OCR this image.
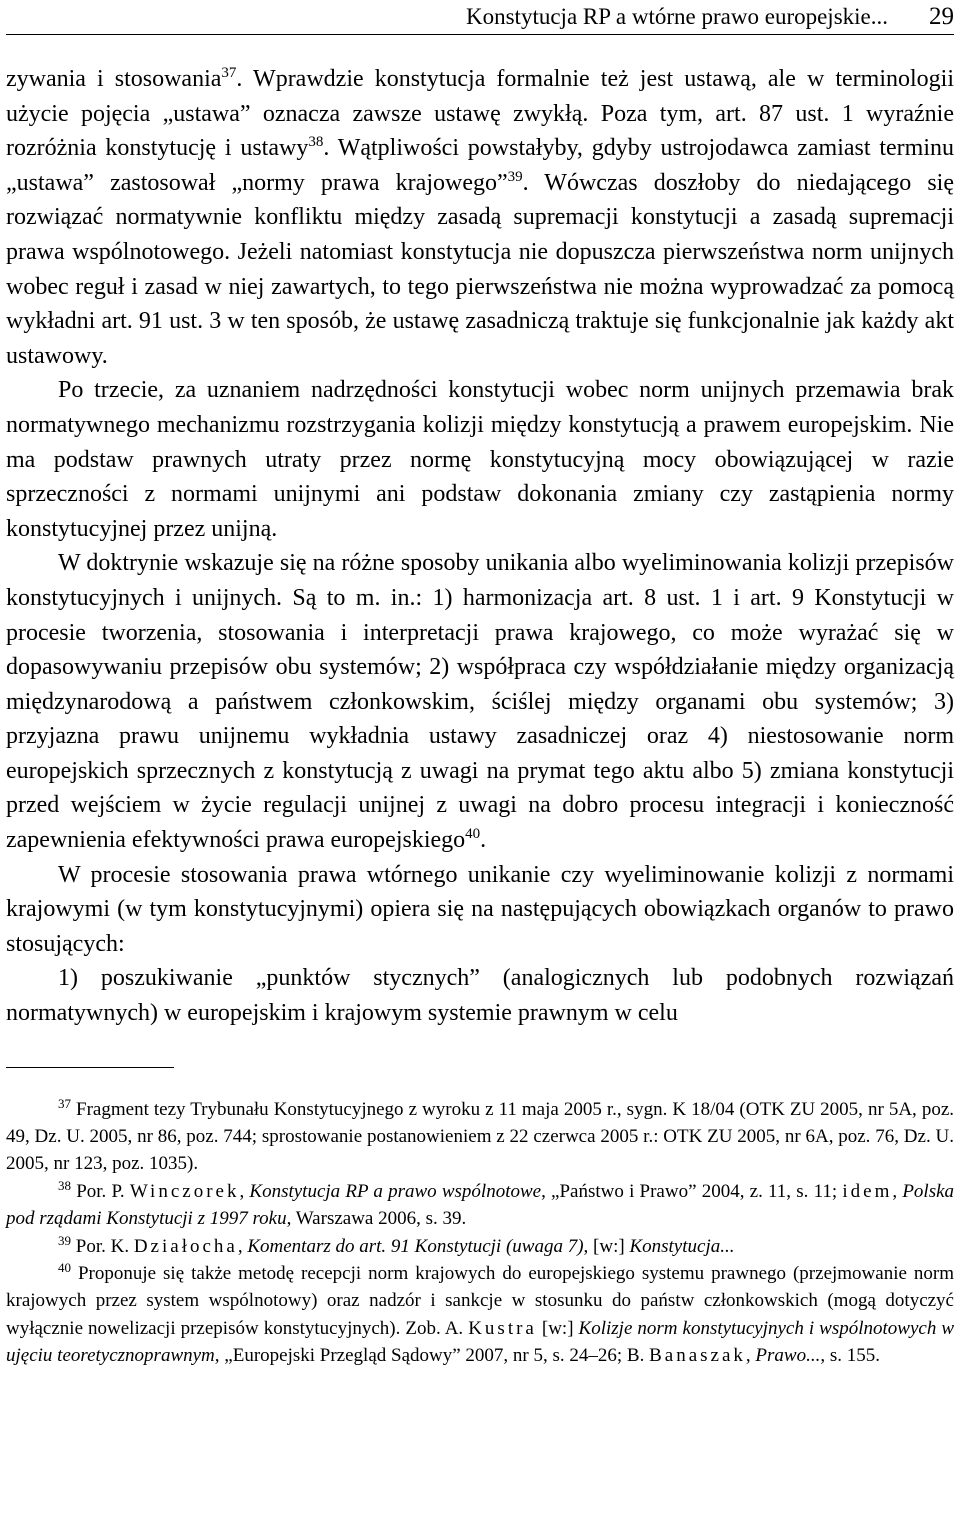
Konstytucja RP a wtórne prawo europejskie... 29

zywania i stosowania$^{37}$. Wprawdzie konstytucja formalnie też jest ustawą, ale w terminologii użycie pojęcia „ustawa” oznacza zawsze ustawę zwykłą. Poza tym, art. 87 ust. 1 wyraźnie rozróżnia konstytucję i ustawy$^{38}$. Wątpliwości powstałyby, gdyby ustrojodawca zamiast terminu „ustawa” zastosował „normy prawa krajowego”$^{39}$. Wówczas doszłoby do niedającego się rozwiązać normatywnie konfliktu między zasadą supremacji konstytucji a zasadą supremacji prawa wspólnotowego. Jeżeli natomiast konstytucja nie dopuszcza pierwszeństwa norm unijnych wobec reguł i zasad w niej zawartych, to tego pierwszeństwa nie można wyprowadzać za pomocą wykładni art. 91 ust. 3 w ten sposób, że ustawę zasadniczą traktuje się funkcjonalnie jak każdy akt ustawowy.

Po trzecie, za uznaniem nadrzędności konstytucji wobec norm unijnych przemawia brak normatywnego mechanizmu rozstrzygania kolizji między konstytucją a prawem europejskim. Nie ma podstaw prawnych utraty przez normę konstytucyjną mocy obowiązującej w razie sprzeczności z normami unijnymi ani podstaw dokonania zmiany czy zastąpienia normy konstytucyjnej przez unijną.

W doktrynie wskazuje się na różne sposoby unikania albo wyeliminowania kolizji przepisów konstytucyjnych i unijnych. Są to m. in.: 1) harmonizacja art. 8 ust. 1 i art. 9 Konstytucji w procesie tworzenia, stosowania i interpretacji prawa krajowego, co może wyrażać się w dopasowywaniu przepisów obu systemów; 2) współpraca czy współdziałanie między organizacją międzynarodową a państwem członkowskim, ściślej między organami obu systemów; 3) przyjazna prawu unijnemu wykładnia ustawy zasadniczej oraz 4) niestosowanie norm europejskich sprzecznych z konstytucją z uwagi na prymat tego aktu albo 5) zmiana konstytucji przed wejściem w życie regulacji unijnej z uwagi na dobro procesu integracji i konieczność zapewnienia efektywności prawa europejskiego$^{40}$.

W procesie stosowania prawa wtórnego unikanie czy wyeliminowanie kolizji z normami krajowymi (w tym konstytucyjnymi) opiera się na następujących obowiązkach organów to prawo stosujących:

1) poszukiwanie „punktów stycznych” (analogicznych lub podobnych rozwiązań normatywnych) w europejskim i krajowym systemie prawnym w celu

$^{37}$ Fragment tezy Trybunału Konstytucyjnego z wyroku z 11 maja 2005 r., sygn. K 18/04 (OTK ZU 2005, nr 5A, poz. 49, Dz. U. 2005, nr 86, poz. 744; sprostowanie postanowieniem z 22 czerwca 2005 r.: OTK ZU 2005, nr 6A, poz. 76, Dz. U. 2005, nr 123, poz. 1035).

$^{38}$ Por. P. Winczorek, Konstytucja RP a prawo wspólnotowe, „Państwo i Prawo” 2004, z. 11, s. 11; idem, Polska pod rządami Konstytucji z 1997 roku, Warszawa 2006, s. 39.

$^{39}$ Por. K. Działocha, Komentarz do art. 91 Konstytucji (uwaga 7), [w:] Konstytucja...

$^{40}$ Proponuje się także metodę recepcji norm krajowych do europejskiego systemu prawnego (przejmowanie norm krajowych przez system wspólnotowy) oraz nadzór i sankcje w stosunku do państw członkowskich (mogą dotyczyć wyłącznie nowelizacji przepisów konstytucyjnych). Zob. A. Kustra [w:] Kolizje norm konstytucyjnych i wspólnotowych w ujęciu teoretycznoprawnym, „Europejski Przegląd Sądowy” 2007, nr 5, s. 24–26; B. Banaszak, Prawo..., s. 155.
